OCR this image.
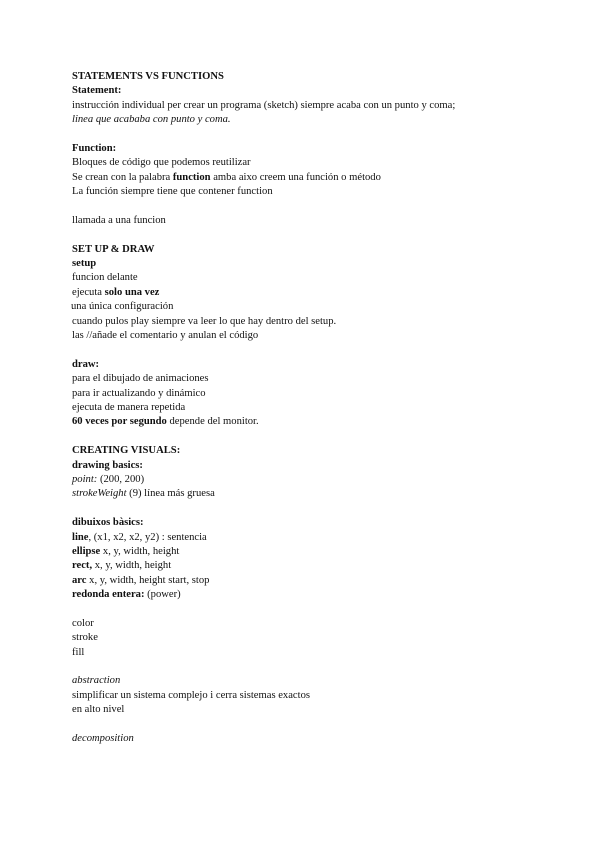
STATEMENTS VS FUNCTIONS
Statement:
instrucción individual per crear un programa (sketch) siempre acaba con un punto y coma;
linea que acababa con punto y coma.
Function:
Bloques de código que podemos reutilizar
Se crean con la palabra function amba aixo creem una función o método
La función siempre tiene que contener function
llamada a una funcion
SET UP & DRAW
setup
funcion delante
ejecuta solo una vez
una única configuración
cuando pulos play siempre va leer lo que hay dentro del setup.
las //añade el comentario y anulan el código
draw:
para el dibujado de animaciones
para ir actualizando y dinámico
ejecuta de manera repetida
60 veces por segundo depende del monitor.
CREATING VISUALS:
drawing basics:
point: (200, 200)
strokeWeight (9) línea más gruesa
dibuixos bàsics:
line, (x1, x2, x2, y2) : sentencia
ellipse x, y, width, height
rect, x, y, width, height
arc x, y, width, height start, stop
redonda entera: (power)
color
stroke
fill
abstraction
simplificar un sistema complejo i cerra sistemas exactos
en alto nivel
decomposition
